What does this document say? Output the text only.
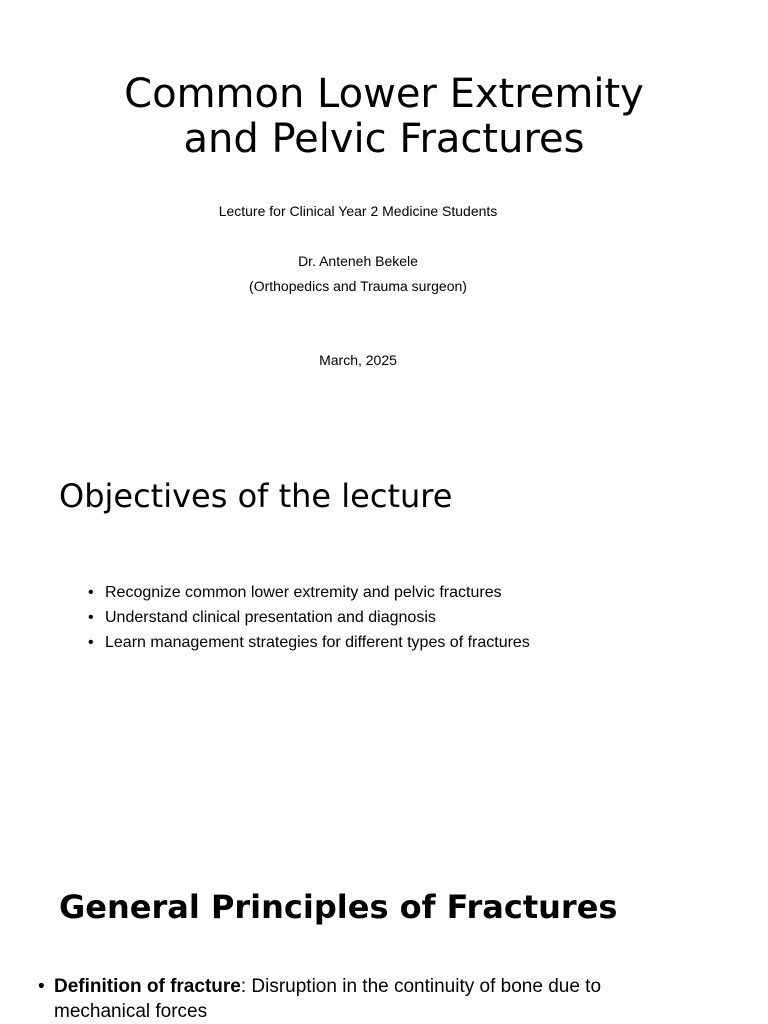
Common Lower Extremity
and Pelvic Fractures

Lecture for Clinical Year 2 Medicine Students

Dr. Anteneh Bekele

(Orthopedics and Trauma surgeon)

March, 2025

Objectives of the lecture
• Recognize common lower extremity and pelvic fractures
• Understand clinical presentation and diagnosis
• Learn management strategies for different types of fractures
General Principles of Fractures
• Definition of fracture: Disruption in the continuity of bone due to mechanical forces
